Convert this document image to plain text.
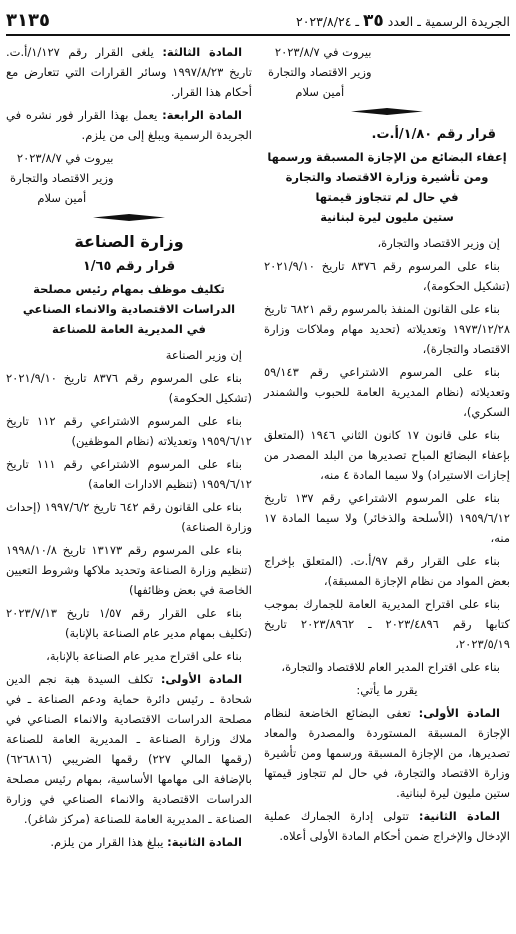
الجريدة الرسمية ـ العدد ٣٥ ـ ٢٠٢٣/٨/٢٤
٣١٣٥
بيروت في ٢٠٢٣/٨/٧
وزير الاقتصاد والتجارة
أمين سلام
قرار رقم ١/٨٠/أ.ت.
إعفاء البضائع من الإجازة المسبقة ورسمها
ومن تأشيرة وزارة الاقتصاد والتجارة
في حال لم تتجاوز قيمتها
ستين مليون ليرة لبنانية

إن وزير الاقتصاد والتجارة،

بناء على المرسوم رقم ٨٣٧٦ تاريخ ٢٠٢١/٩/١٠ (تشكيل الحكومة)،

بناء على القانون المنفذ بالمرسوم رقم ٦٨٢١ تاريخ ١٩٧٣/١٢/٢٨ وتعديلاته (تحديد مهام وملاكات وزارة الاقتصاد والتجارة)،

بناء على المرسوم الاشتراعي رقم ٥٩/١٤٣ وتعديلاته (نظام المديرية العامة للحبوب والشمندر السكري)،

بناء على قانون ١٧ كانون الثاني ١٩٤٦ (المتعلق بإعفاء البضائع المباح تصديرها من البلد المصدر من إجازات الاستيراد) ولا سيما المادة ٤ منه،

بناء على المرسوم الاشتراعي رقم ١٣٧ تاريخ ١٩٥٩/٦/١٢ (الأسلحة والذخائر) ولا سيما المادة ١٧ منه،

بناء على القرار رقم ٩٧/أ.ت. (المتعلق بإخراج بعض المواد من نظام الإجازة المسبقة)،

بناء على اقتراح المديرية العامة للجمارك بموجب كتابها رقم ٢٠٢٣/٤٨٩٦ ـ ٢٠٢٣/٨٩٦٢ تاريخ ٢٠٢٣/٥/١٩،

بناء على اقتراح المدير العام للاقتصاد والتجارة،

يقرر ما يأتي:

المادة الأولى: تعفى البضائع الخاضعة لنظام الإجازة المسبقة المستوردة والمصدرة والمعاد تصديرها، من الإجازة المسبقة ورسمها ومن تأشيرة وزارة الاقتصاد والتجارة، في حال لم تتجاوز قيمتها ستين مليون ليرة لبنانية.

المادة الثانية: تتولى إدارة الجمارك عملية الإدخال والإخراج ضمن أحكام المادة الأولى أعلاه.

المادة الثالثة: يلغى القرار رقم ١/١٢٧/أ.ت. تاريخ ١٩٩٧/٨/٢٣ وسائر القرارات التي تتعارض مع أحكام هذا القرار.

المادة الرابعة: يعمل بهذا القرار فور نشره في الجريدة الرسمية ويبلغ إلى من يلزم.

بيروت في ٢٠٢٣/٨/٧
وزير الاقتصاد والتجارة
أمين سلام
وزارة الصناعة
قرار رقم ١/٦٥
تكليف موظف بمهام رئيس مصلحة
الدراسات الاقتصادية والانماء الصناعي
في المديرية العامة للصناعة

إن وزير الصناعة

بناء على المرسوم رقم ٨٣٧٦ تاريخ ٢٠٢١/٩/١٠ (تشكيل الحكومة)

بناء على المرسوم الاشتراعي رقم ١١٢ تاريخ ١٩٥٩/٦/١٢ وتعديلاته (نظام الموظفين)

بناء على المرسوم الاشتراعي رقم ١١١ تاريخ ١٩٥٩/٦/١٢ (تنظيم الادارات العامة)

بناء على القانون رقم ٦٤٢ تاريخ ١٩٩٧/٦/٢ (إحداث وزارة الصناعة)

بناء على المرسوم رقم ١٣١٧٣ تاريخ ١٩٩٨/١٠/٨ (تنظيم وزارة الصناعة وتحديد ملاكها وشروط التعيين الخاصة في بعض وظائفها)

بناء على القرار رقم ١/٥٧ تاريخ ٢٠٢٣/٧/١٣ (تكليف بمهام مدير عام الصناعة بالإنابة)

بناء على اقتراح مدير عام الصناعة بالإنابة،

المادة الأولى: تكلف السيدة هبة نجم الدين شحادة ـ رئيس دائرة حماية ودعم الصناعة ـ في مصلحة الدراسات الاقتصادية والانماء الصناعي في ملاك وزارة الصناعة ـ المديرية العامة للصناعة (رقمها المالي ٢٢٧) رقمها الضريبي (٦٢٦٨١٦) بالإضافة الى مهامها الأساسية، بمهام رئيس مصلحة الدراسات الاقتصادية والانماء الصناعي في وزارة الصناعة ـ المديرية العامة للصناعة (مركز شاغر).

المادة الثانية: يبلغ هذا القرار من يلزم.
